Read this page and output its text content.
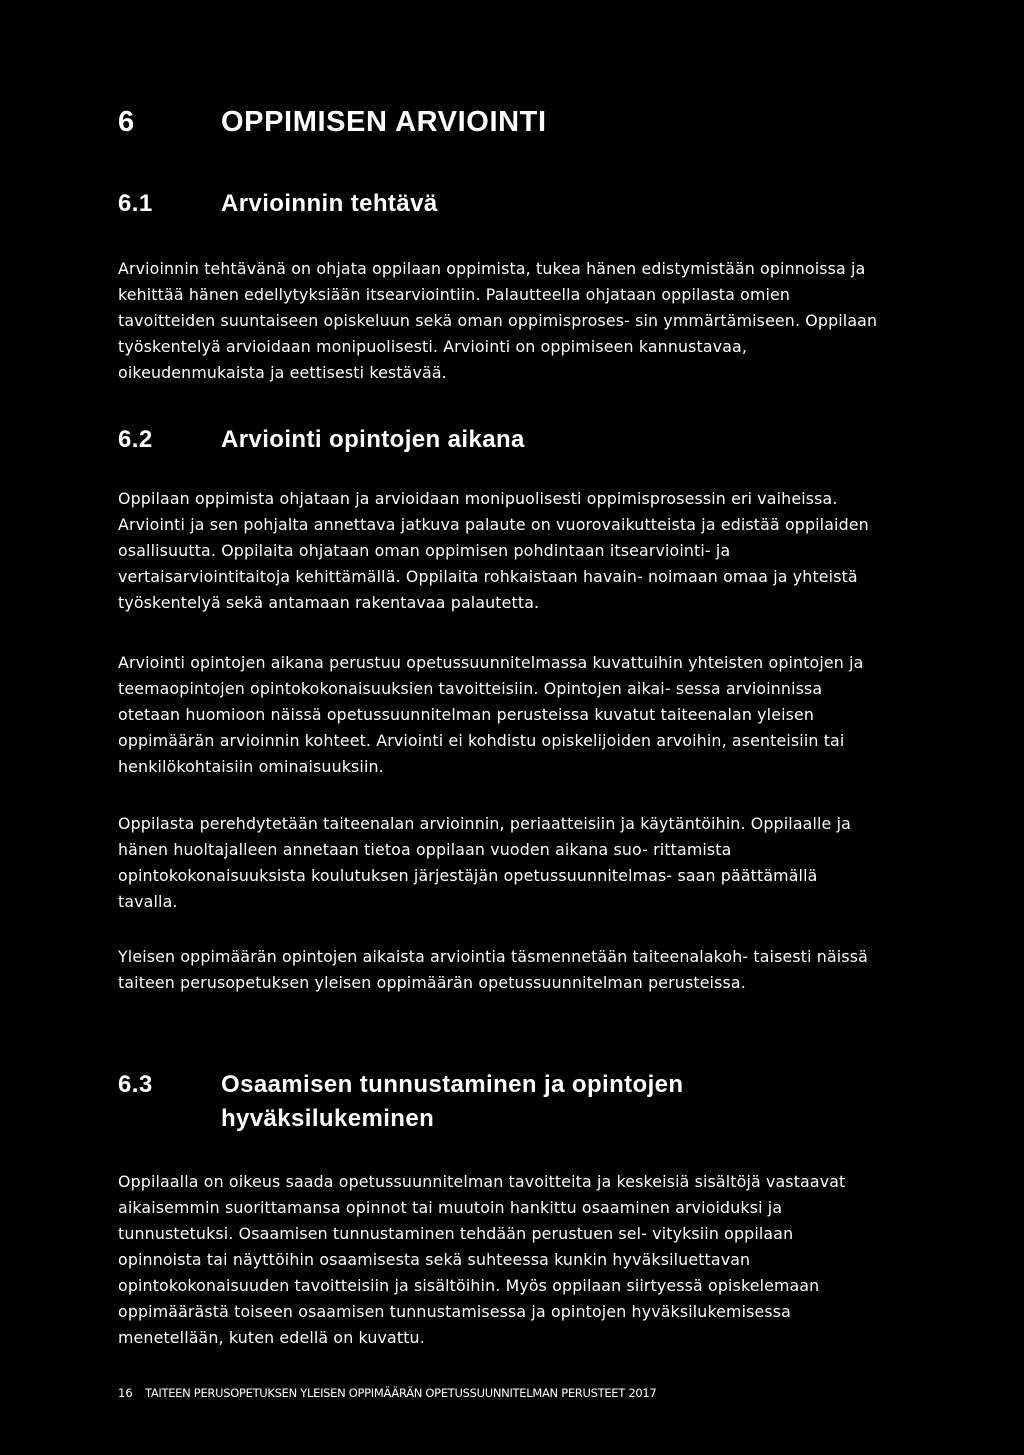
6	OPPIMISEN ARVIOINTI
6.1	Arvioinnin tehtävä

Arvioinnin tehtävänä on ohjata oppilaan oppimista, tukea hänen edistymistään opinnoissa ja kehittää hänen edellytyksiään itsearviointiin. Palautteella ohjataan oppilasta omien tavoitteiden suuntaiseen opiskeluun sekä oman oppimisproses- sin ymmärtämiseen. Oppilaan työskentelyä arvioidaan monipuolisesti. Arviointi on oppimiseen kannustavaa, oikeudenmukaista ja eettisesti kestävää.

6.2	Arviointi opintojen aikana

Oppilaan oppimista ohjataan ja arvioidaan monipuolisesti oppimisprosessin eri vaiheissa. Arviointi ja sen pohjalta annettava jatkuva palaute on vuorovaikutteista ja edistää oppilaiden osallisuutta. Oppilaita ohjataan oman oppimisen pohdintaan itsearviointi- ja vertaisarviointitaitoja kehittämällä. Oppilaita rohkaistaan havain- noimaan omaa ja yhteistä työskentelyä sekä antamaan rakentavaa palautetta.

Arviointi opintojen aikana perustuu opetussuunnitelmassa kuvattuihin yhteisten opintojen ja teemaopintojen opintokokonaisuuksien tavoitteisiin. Opintojen aikai- sessa arvioinnissa otetaan huomioon näissä opetussuunnitelman perusteissa kuvatut taiteenalan yleisen oppimäärän arvioinnin kohteet. Arviointi ei kohdistu opiskelijoiden arvoihin, asenteisiin tai henkilökohtaisiin ominaisuuksiin.

Oppilasta perehdytetään taiteenalan arvioinnin, periaatteisiin ja käytäntöihin. Oppilaalle ja hänen huoltajalleen annetaan tietoa oppilaan vuoden aikana suo- rittamista opintokokonaisuuksista koulutuksen järjestäjän opetussuunnitelmas- saan päättämällä tavalla.

Yleisen oppimäärän opintojen aikaista arviointia täsmennetään taiteenalakoh- taisesti näissä taiteen perusopetuksen yleisen oppimäärän opetussuunnitelman perusteissa.

6.3	Osaamisen tunnustaminen ja opintojen hyväksilukeminen

Oppilaalla on oikeus saada opetussuunnitelman tavoitteita ja keskeisiä sisältöjä vastaavat aikaisemmin suorittamansa opinnot tai muutoin hankittu osaaminen arvioiduksi ja tunnustetuksi. Osaamisen tunnustaminen tehdään perustuen sel- vityksiin oppilaan opinnoista tai näyttöihin osaamisesta sekä suhteessa kunkin hyväksiluettavan opintokokonaisuuden tavoitteisiin ja sisältöihin. Myös oppilaan siirtyessä opiskelemaan oppimäärästä toiseen osaamisen tunnustamisessa ja opintojen hyväksilukemisessa menetellään, kuten edellä on kuvattu.

16 TAITEEN PERUSOPETUKSEN YLEISEN OPPIMÄÄRÄN OPETUSSUUNNITELMAN PERUSTEET 2017
